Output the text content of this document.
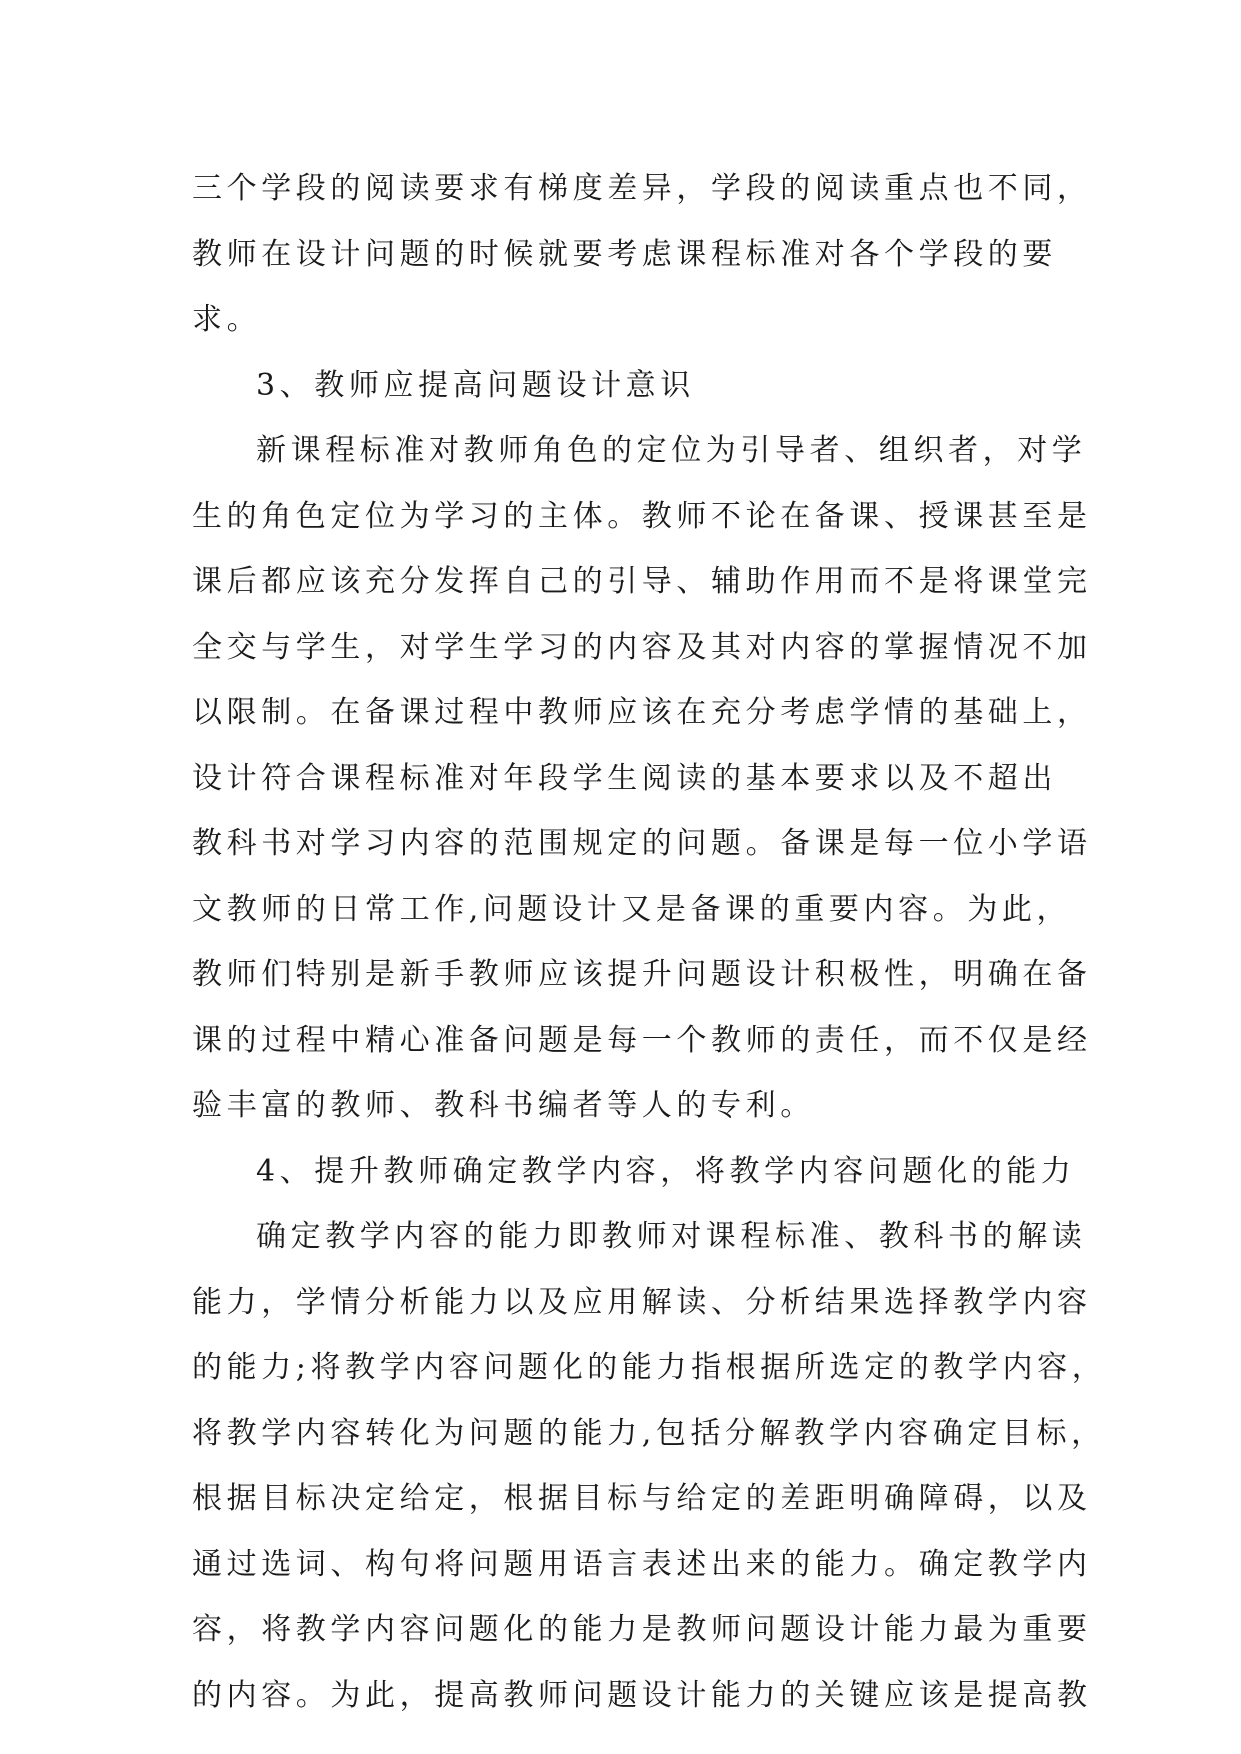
三个学段的阅读要求有梯度差异，学段的阅读重点也不同，

教师在设计问题的时候就要考虑课程标准对各个学段的要

求。

3、教师应提高问题设计意识

新课程标准对教师角色的定位为引导者、组织者，对学

生的角色定位为学习的主体。教师不论在备课、授课甚至是

课后都应该充分发挥自己的引导、辅助作用而不是将课堂完

全交与学生，对学生学习的内容及其对内容的掌握情况不加

以限制。在备课过程中教师应该在充分考虑学情的基础上，

设计符合课程标准对年段学生阅读的基本要求以及不超出

教科书对学习内容的范围规定的问题。备课是每一位小学语

文教师的日常工作,问题设计又是备课的重要内容。为此，

教师们特别是新手教师应该提升问题设计积极性，明确在备

课的过程中精心准备问题是每一个教师的责任，而不仅是经

验丰富的教师、教科书编者等人的专利。

4、提升教师确定教学内容，将教学内容问题化的能力

确定教学内容的能力即教师对课程标准、教科书的解读

能力，学情分析能力以及应用解读、分析结果选择教学内容

的能力;将教学内容问题化的能力指根据所选定的教学内容，

将教学内容转化为问题的能力,包括分解教学内容确定目标，

根据目标决定给定，根据目标与给定的差距明确障碍，以及

通过选词、构句将问题用语言表述出来的能力。确定教学内

容，将教学内容问题化的能力是教师问题设计能力最为重要

的内容。为此，提高教师问题设计能力的关键应该是提高教
